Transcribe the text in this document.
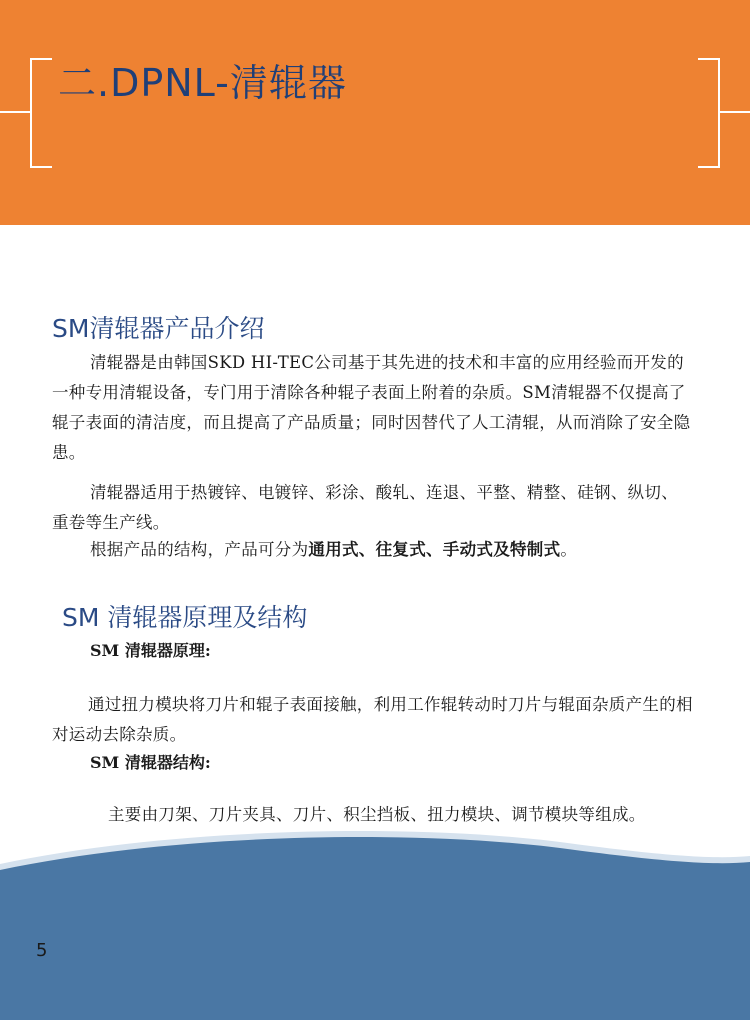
二.DPNL-清辊器
SM清辊器产品介绍

清辊器是由韩国SKD HI-TEC公司基于其先进的技术和丰富的应用经验而开发的一种专用清辊设备，专门用于清除各种辊子表面上附着的杂质。SM清辊器不仅提高了辊子表面的清洁度，而且提高了产品质量；同时因替代了人工清辊，从而消除了安全隐患。

清辊器适用于热镀锌、电镀锌、彩涂、酸轧、连退、平整、精整、硅钢、纵切、重卷等生产线。

根据产品的结构，产品可分为通用式、往复式、手动式及特制式。

SM 清辊器原理及结构
SM 清辊器原理:

通过扭力模块将刀片和辊子表面接触，利用工作辊转动时刀片与辊面杂质产生的相对运动去除杂质。

SM 清辊器结构:

主要由刀架、刀片夹具、刀片、积尘挡板、扭力模块、调节模块等组成。

5
